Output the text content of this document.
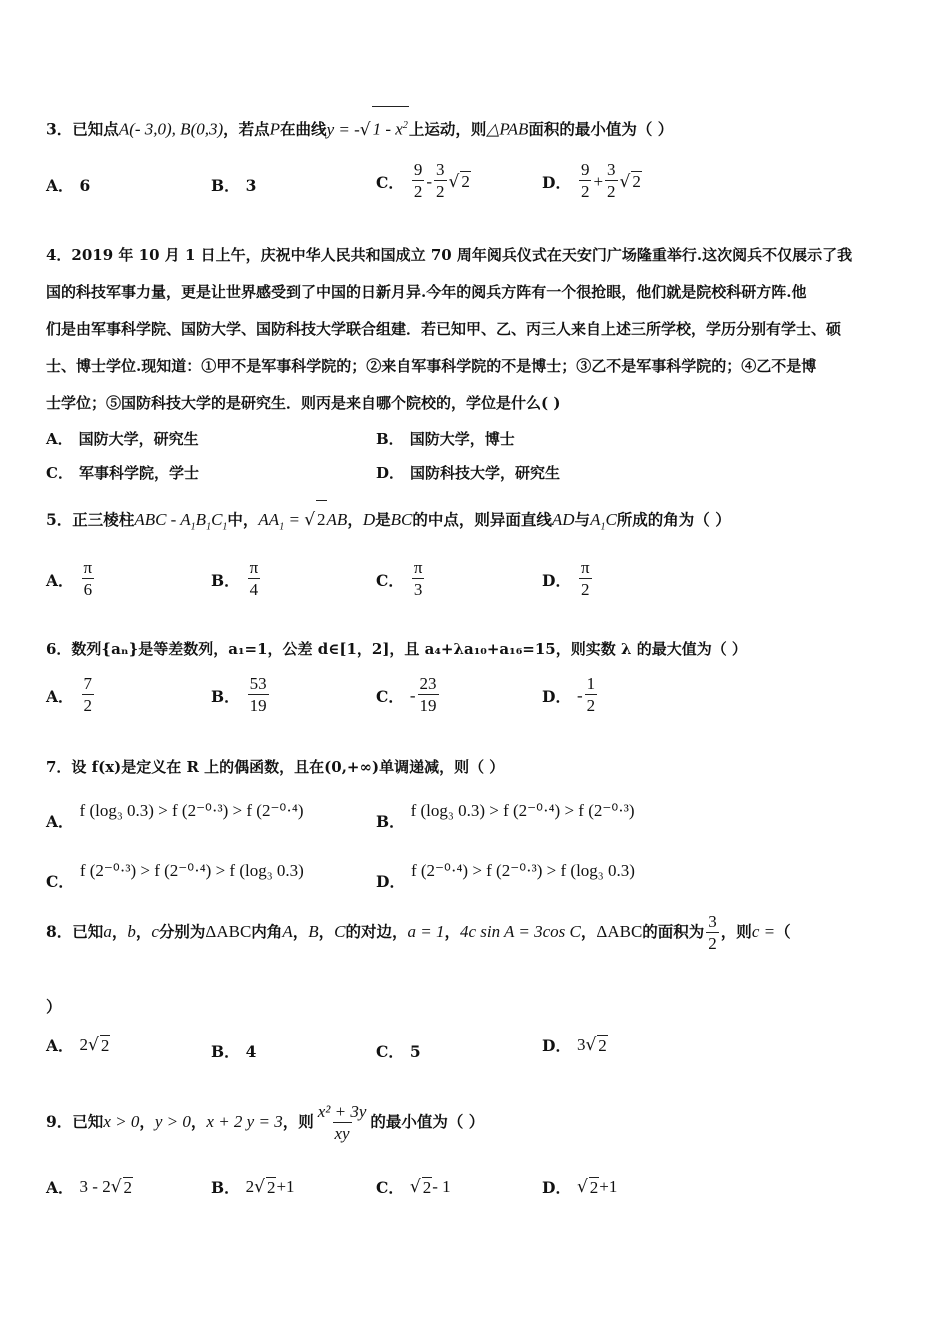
3．已知点A(- 3,0), B(0,3)，若点P在曲线y = -√ $1 - x^2$上运动，则△PAB面积的最小值为（ ）
A． 6	B． 3	C． $\frac{9}{2} - \frac{3}{2}$ √ 2	D． $\frac{9}{2} + \frac{3}{2}$ √ 2
4．2019 年 10 月 1 日上午，庆祝中华人民共和国成立 70 周年阅兵仪式在天安门广场隆重举行.这次阅兵不仅展示了我
国的科技军事力量，更是让世界感受到了中国的日新月异.今年的阅兵方阵有一个很抢眼，他们就是院校科研方阵.他
们是由军事科学院、国防大学、国防科技大学联合组建．若已知甲、乙、丙三人来自上述三所学校，学历分别有学士、硕
士、博士学位.现知道：①甲不是军事科学院的；②来自军事科学院的不是博士；③乙不是军事科学院的；④乙不是博
士学位；⑤国防科技大学的是研究生．则丙是来自哪个院校的，学位是什么( )
A． 国防大学，研究生	B． 国防大学，博士
C． 军事科学院，学士	D． 国防科技大学，研究生
5．正三棱柱ABC - $A_1B_1C_1$中，$AA_1$ = √ 2AB，D是BC的中点，则异面直线AD与$A_1C$所成的角为（ ）
A． $\frac{\pi}{6}$	B． $\frac{\pi}{4}$	C． $\frac{\pi}{3}$	D． $\frac{\pi}{2}$
6．数列{aₙ}是等差数列，a₁=1，公差 d∈[1，2]，且 a₄+λa₁₀+a₁₆=15，则实数 λ 的最大值为（ ）
A． $\frac{7}{2}$	B． $\frac{53}{19}$	C． - $\frac{23}{19}$	D． - $\frac{1}{2}$
7．设 f(x)是定义在 R 上的偶函数，且在(0,+∞)单调递减，则（ ）
A．
f (log₃ 0.3) > f (2⁻⁰·³) > f (2⁻⁰·⁴)
B．
f (log₃ 0.3) > f (2⁻⁰·⁴) > f (2⁻⁰·³)
C．
f (2⁻⁰·³) > f (2⁻⁰·⁴) > f (log₃ 0.3)
D．
f (2⁻⁰·⁴) > f (2⁻⁰·³) > f (log₃ 0.3)
8．已知a，b，c分别为ΔABC内角A，B，C的对边，a = 1，4c sin A = 3cos C，ΔABC的面积为 $\frac{3}{2}$ ，则c =（
）
A． 2 √ 2	B． 4	C． 5	D． 3 √ 2
9．已知x > 0，y > 0，x + 2 y = 3，则 $\frac{\text{x² + 3y}}{xy}$ 的最小值为（ ）
A． 3 - 2 √ 2	B． 2 √ 2 +1	C． √ 2 - 1	D． √ 2 +1
